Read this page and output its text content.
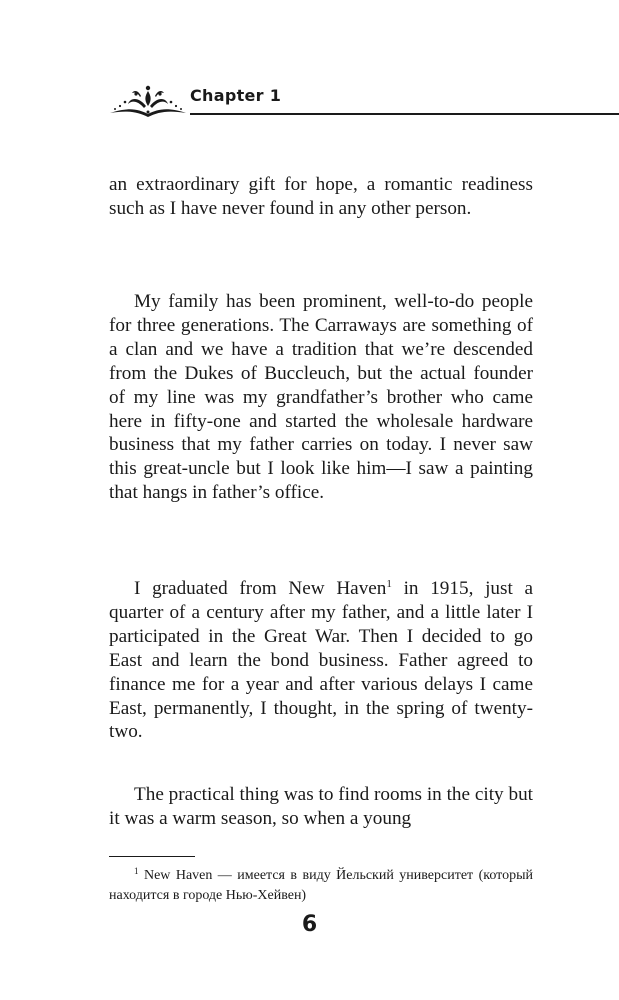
Chapter 1

an extraordinary gift for hope, a romantic readiness such as I have never found in any other person.

My family has been prominent, well-to-do people for three generations. The Carraways are something of a clan and we have a tradition that we’re descended from the Dukes of Buccleuch, but the actual founder of my line was my grandfather’s brother who came here in fifty-one and started the wholesale hardware business that my father carries on today. I never saw this great-uncle but I look like him—I saw a painting that hangs in father’s office.

I graduated from New Haven$^1$ in 1915, just a quarter of a century after my father, and a little later I participated in the Great War. Then I decided to go East and learn the bond business. Father agreed to finance me for a year and after various delays I came East, permanently, I thought, in the spring of twenty-two.

The practical thing was to find rooms in the city but it was a warm season, so when a young

$^1$ New Haven — имеется в виду Йельский университет (который находится в городе Нью-Хейвен)

6
